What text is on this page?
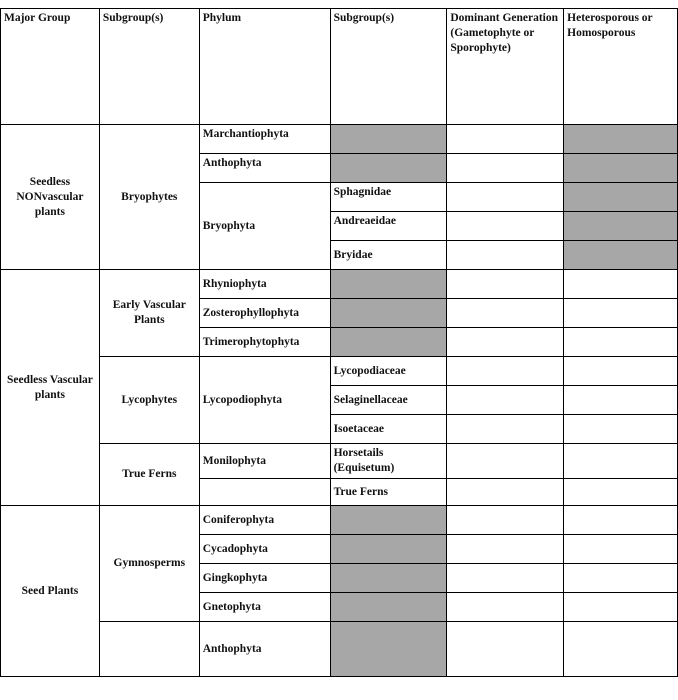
Major Group	Subgroup(s)	Phylum	Subgroup(s)	Dominant Generation (Gametophyte or Sporophyte)	Heterosporous or Homosporous
Seedless NONvascular plants	Bryophytes	Marchantiophyta			
		Anthophyta			
		Bryophyta	Sphagnidae		
			Andreaeidae		
			Bryidae		
Seedless Vascular plants	Early Vascular Plants	Rhyniophyta			
		Zosterophyllophyta			
		Trimerophytophyta			
	Lycophytes	Lycopodiophyta	Lycopodiaceae		
			Selaginellaceae		
			Isoetaceae		
	True Ferns	Monilophyta	Horsetails (Equisetum)		
			True Ferns		
Seed Plants	Gymnosperms	Coniferophyta			
		Cycadophyta			
		Gingkophyta			
		Gnetophyta			
		Anthophyta			
